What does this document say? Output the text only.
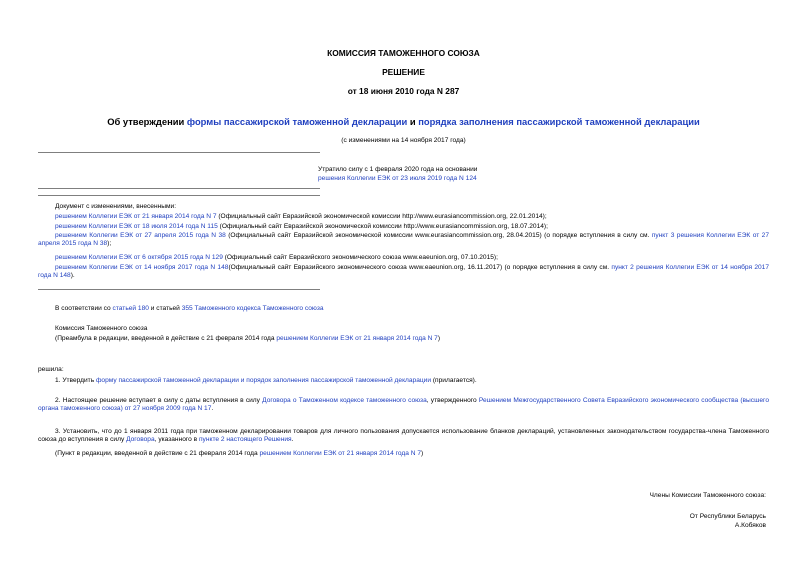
КОМИССИЯ ТАМОЖЕННОГО СОЮЗА
РЕШЕНИЕ
от 18 июня 2010 года N 287
Об утверждении формы пассажирской таможенной декларации и порядка заполнения пассажирской таможенной декларации
(с изменениями на 14 ноября 2017 года)
Утратило силу с 1 февраля 2020 года на основании
решения Коллегии ЕЭК от 23 июля 2019 года N 124
Документ с изменениями, внесенными:
решением Коллегии ЕЭК от 21 января 2014 года N 7 (Официальный сайт Евразийской экономической комиссии http://www.eurasiancommission.org, 22.01.2014);
решением Коллегии ЕЭК от 18 июля 2014 года N 115 (Официальный сайт Евразийской экономической комиссии http://www.eurasiancommission.org, 18.07.2014);
решением Коллегии ЕЭК от 27 апреля 2015 года N 38 (Официальный сайт Евразийской экономической комиссии www.eurasiancommission.org, 28.04.2015) (о порядке вступления в силу см. пункт 3 решения Коллегии ЕЭК от 27 апреля 2015 года N 38);
решением Коллегии ЕЭК от 6 октября 2015 года N 129 (Официальный сайт Евразийского экономического союза www.eaeunion.org, 07.10.2015);
решением Коллегии ЕЭК от 14 ноября 2017 года N 148(Официальный сайт Евразийского экономического союза www.eaeunion.org, 16.11.2017) (о порядке вступления в силу см. пункт 2 решения Коллегии ЕЭК от 14 ноября 2017 года N 148).
В соответствии со статьей 180 и статьей 355 Таможенного кодекса Таможенного союза
Комиссия Таможенного союза
(Преамбула в редакции, введенной в действие с 21 февраля 2014 года решением Коллегии ЕЭК от 21 января 2014 года N 7)
решила:
1. Утвердить форму пассажирской таможенной декларации и порядок заполнения пассажирской таможенной декларации (прилагается).
2. Настоящее решение вступает в силу с даты вступления в силу Договора о Таможенном кодексе таможенного союза, утвержденного Решением Межгосударственного Совета Евразийского экономического сообщества (высшего органа таможенного союза) от 27 ноября 2009 года N 17.
3. Установить, что до 1 января 2011 года при таможенном декларировании товаров для личного пользования допускается использование бланков деклараций, установленных законодательством государства-члена Таможенного союза до вступления в силу Договора, указанного в пункте 2 настоящего Решения.
(Пункт в редакции, введенной в действие с 21 февраля 2014 года решением Коллегии ЕЭК от 21 января 2014 года N 7)
Члены Комиссии Таможенного союза:
От Республики Беларусь
А.Кобяков
